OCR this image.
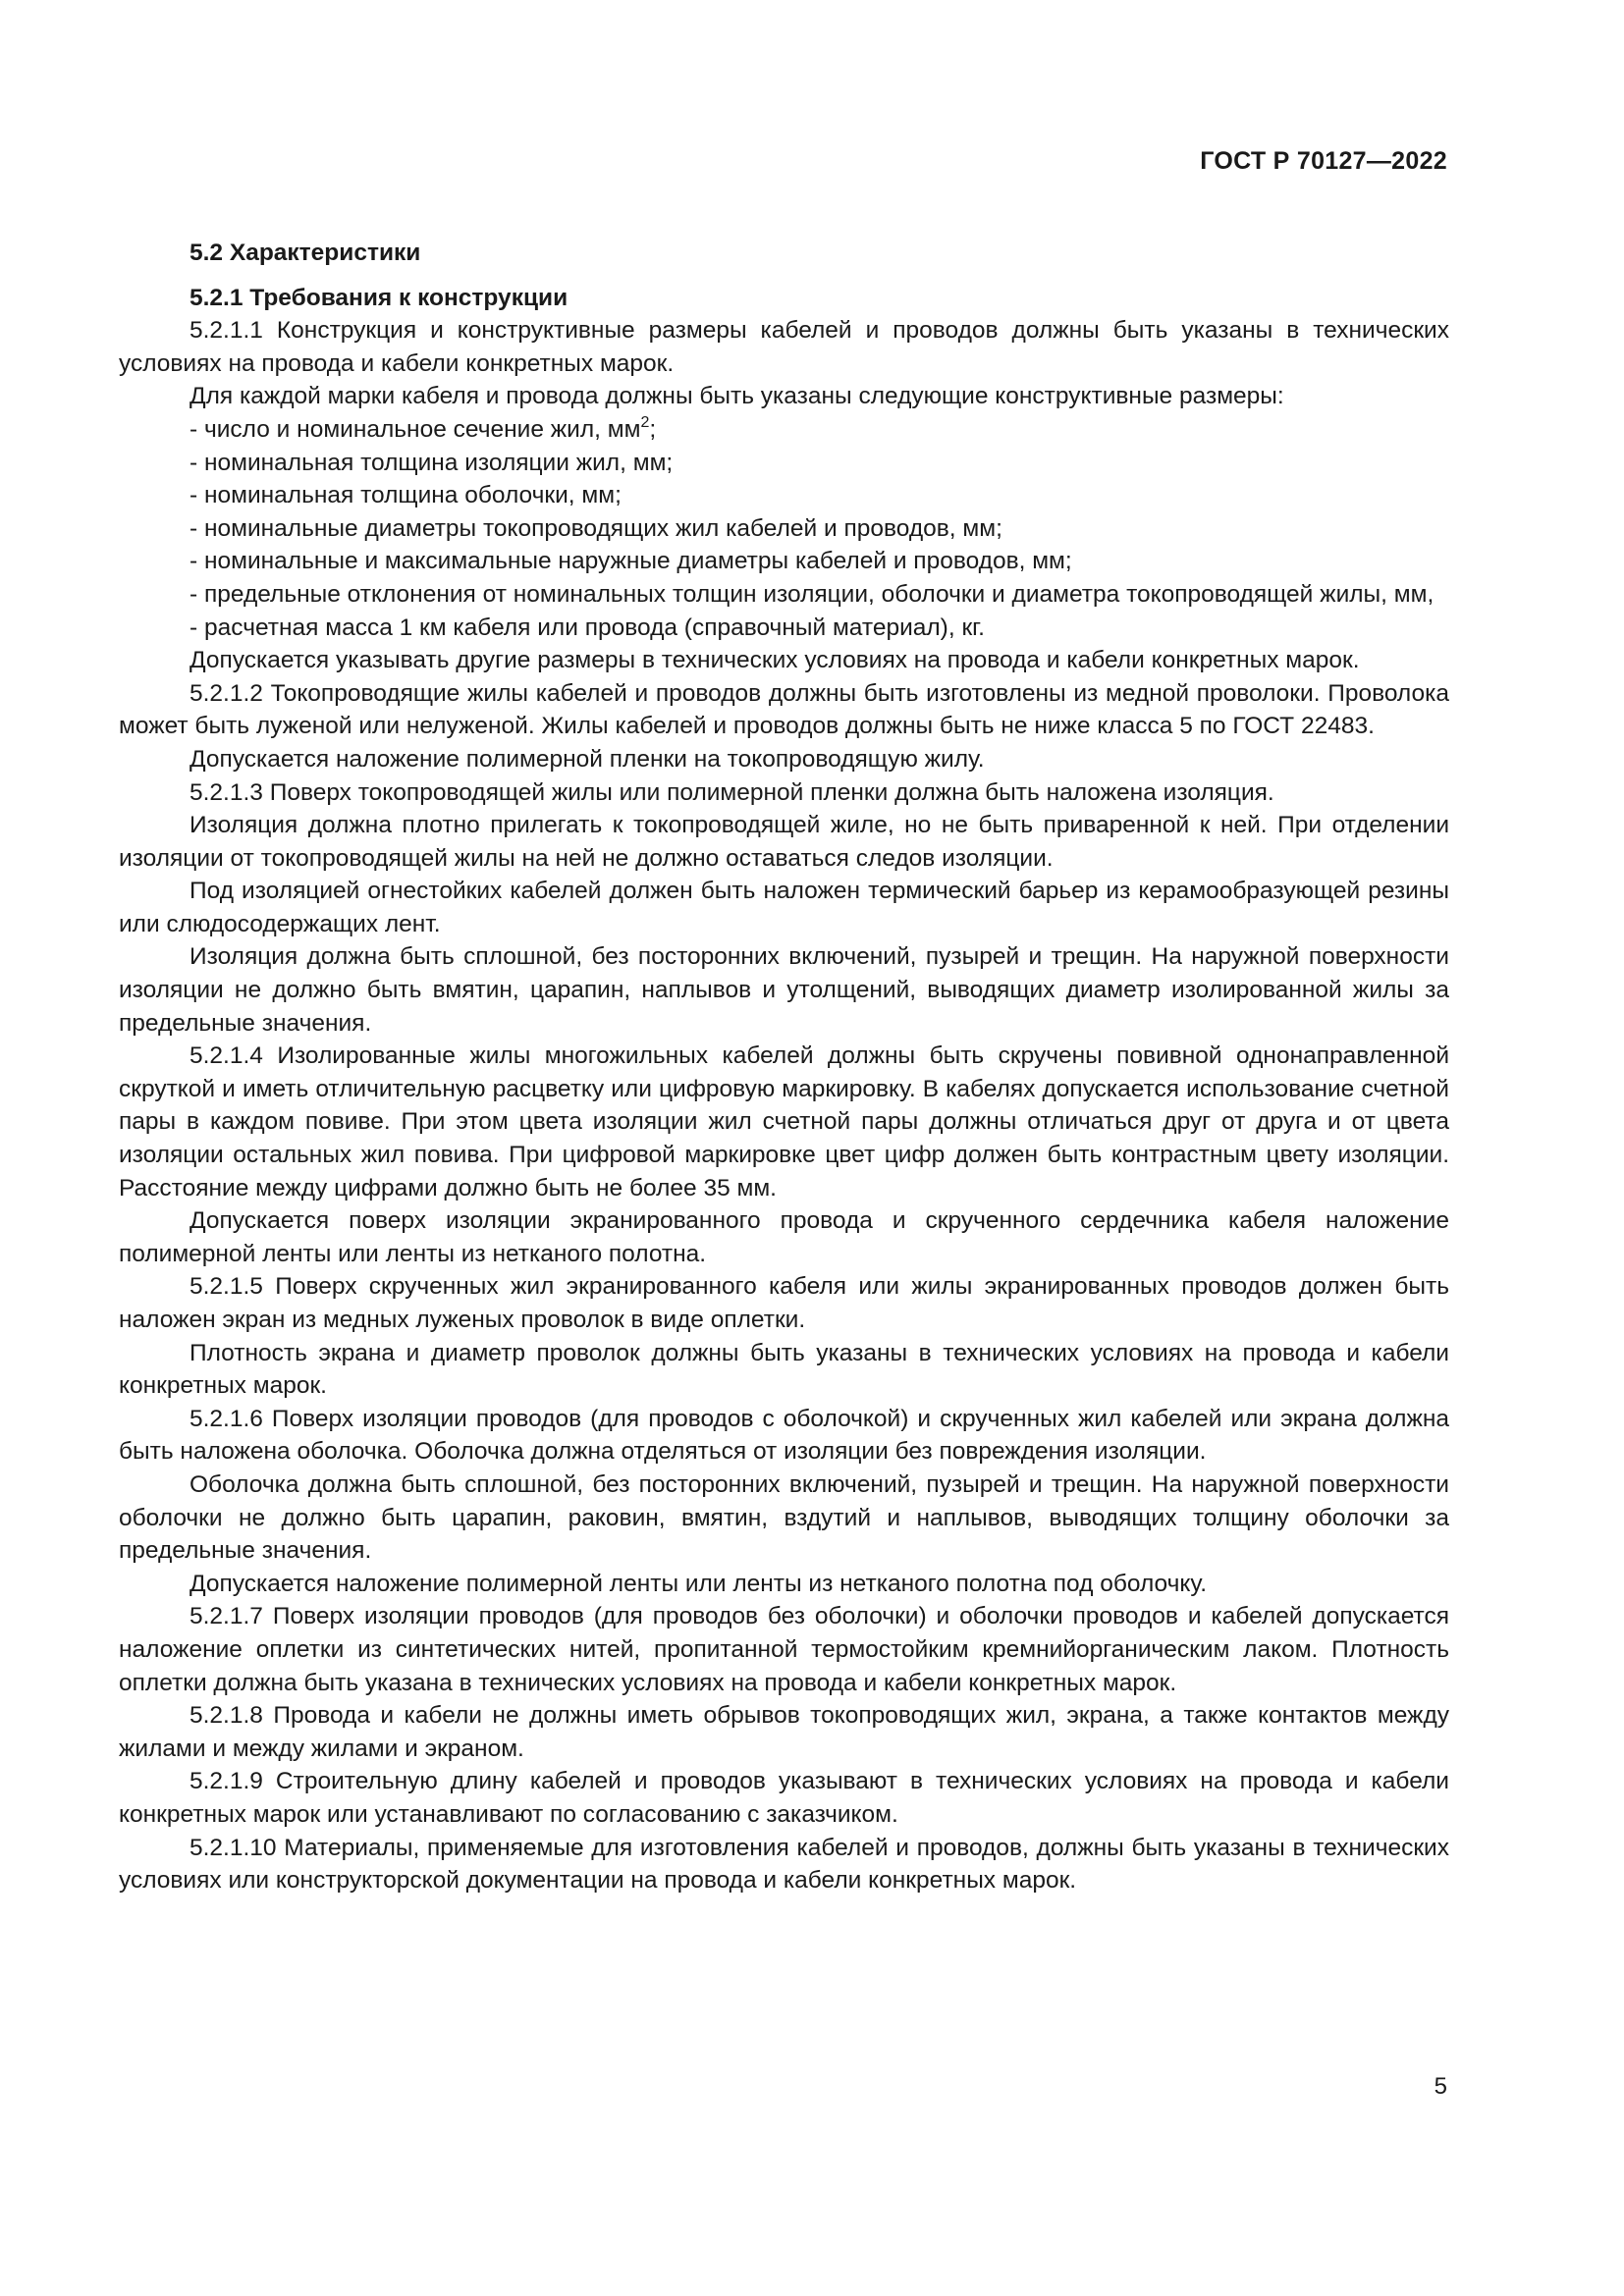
ГОСТ Р 70127—2022
5.2 Характеристики
5.2.1 Требования к конструкции

5.2.1.1 Конструкция и конструктивные размеры кабелей и проводов должны быть указаны в технических условиях на провода и кабели конкретных марок.

Для каждой марки кабеля и провода должны быть указаны следующие конструктивные размеры:

- число и номинальное сечение жил, $мм^2$;

- номинальная толщина изоляции жил, мм;

- номинальная толщина оболочки, мм;

- номинальные диаметры токопроводящих жил кабелей и проводов, мм;

- номинальные и максимальные наружные диаметры кабелей и проводов, мм;

- предельные отклонения от номинальных толщин изоляции, оболочки и диаметра токопроводящей жилы, мм,

- расчетная масса 1 км кабеля или провода (справочный материал), кг.

Допускается указывать другие размеры в технических условиях на провода и кабели конкретных марок.

5.2.1.2 Токопроводящие жилы кабелей и проводов должны быть изготовлены из медной проволоки. Проволока может быть луженой или нелуженой. Жилы кабелей и проводов должны быть не ниже класса 5 по ГОСТ 22483.

Допускается наложение полимерной пленки на токопроводящую жилу.

5.2.1.3 Поверх токопроводящей жилы или полимерной пленки должна быть наложена изоляция.

Изоляция должна плотно прилегать к токопроводящей жиле, но не быть приваренной к ней. При отделении изоляции от токопроводящей жилы на ней не должно оставаться следов изоляции.

Под изоляцией огнестойких кабелей должен быть наложен термический барьер из керамообразующей резины или слюдосодержащих лент.

Изоляция должна быть сплошной, без посторонних включений, пузырей и трещин. На наружной поверхности изоляции не должно быть вмятин, царапин, наплывов и утолщений, выводящих диаметр изолированной жилы за предельные значения.

5.2.1.4 Изолированные жилы многожильных кабелей должны быть скручены повивной однонаправленной скруткой и иметь отличительную расцветку или цифровую маркировку. В кабелях допускается использование счетной пары в каждом повиве. При этом цвета изоляции жил счетной пары должны отличаться друг от друга и от цвета изоляции остальных жил повива. При цифровой маркировке цвет цифр должен быть контрастным цвету изоляции. Расстояние между цифрами должно быть не более 35 мм.

Допускается поверх изоляции экранированного провода и скрученного сердечника кабеля наложение полимерной ленты или ленты из нетканого полотна.

5.2.1.5 Поверх скрученных жил экранированного кабеля или жилы экранированных проводов должен быть наложен экран из медных луженых проволок в виде оплетки.

Плотность экрана и диаметр проволок должны быть указаны в технических условиях на провода и кабели конкретных марок.

5.2.1.6 Поверх изоляции проводов (для проводов с оболочкой) и скрученных жил кабелей или экрана должна быть наложена оболочка. Оболочка должна отделяться от изоляции без повреждения изоляции.

Оболочка должна быть сплошной, без посторонних включений, пузырей и трещин. На наружной поверхности оболочки не должно быть царапин, раковин, вмятин, вздутий и наплывов, выводящих толщину оболочки за предельные значения.

Допускается наложение полимерной ленты или ленты из нетканого полотна под оболочку.

5.2.1.7 Поверх изоляции проводов (для проводов без оболочки) и оболочки проводов и кабелей допускается наложение оплетки из синтетических нитей, пропитанной термостойким кремнийорганическим лаком. Плотность оплетки должна быть указана в технических условиях на провода и кабели конкретных марок.

5.2.1.8 Провода и кабели не должны иметь обрывов токопроводящих жил, экрана, а также контактов между жилами и между жилами и экраном.

5.2.1.9 Строительную длину кабелей и проводов указывают в технических условиях на провода и кабели конкретных марок или устанавливают по согласованию с заказчиком.

5.2.1.10 Материалы, применяемые для изготовления кабелей и проводов, должны быть указаны в технических условиях или конструкторской документации на провода и кабели конкретных марок.

5
